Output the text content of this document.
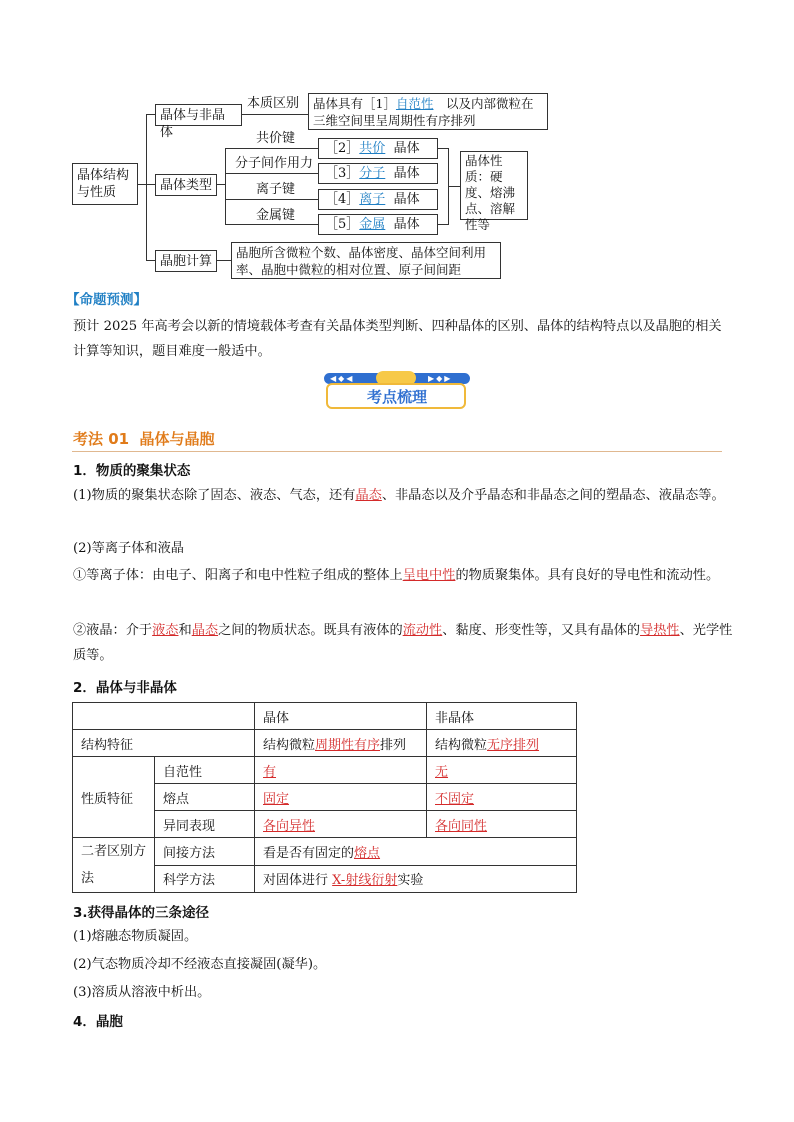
晶体结构与性质
晶体与非晶体
本质区别	晶体具有［1］自范性　 以及内部微粒在三维空间里呈周期性有序排列
晶体类型
共价键
分子间作用力
离子键
金属键
［2］共价 晶体
［3］分子 晶体
［4］离子 晶体
［5］金属 晶体
晶体性质：硬度、熔沸点、溶解性等
晶胞计算
晶胞所含微粒个数、晶体密度、晶体空间利用率、晶胞中微粒的相对位置、原子间间距
【命题预测】
预计 2025 年高考会以新的情境载体考查有关晶体类型判断、四种晶体的区别、晶体的结构特点以及晶胞的相关计算等知识，题目难度一般适中。
◀◆◀	▶◆▶
考点梳理
考法 01  晶体与晶胞
1．物质的聚集状态
(1)物质的聚集状态除了固态、液态、气态，还有晶态、非晶态以及介乎晶态和非晶态之间的塑晶态、液晶态等。
(2)等离子体和液晶
①等离子体：由电子、阳离子和电中性粒子组成的整体上呈电中性的物质聚集体。具有良好的导电性和流动性。
②液晶：介于液态和晶态之间的物质状态。既具有液体的流动性、黏度、形变性等，又具有晶体的导热性、光学性质等。
2．晶体与非晶体
		晶体	非晶体
结构特征		结构微粒周期性有序排列	结构微粒无序排列
性质特征	自范性	有	无
	熔点	固定	不固定
	异同表现	各向异性	各向同性
二者区别方法	间接方法	看是否有固定的熔点	
	科学方法	对固体进行 X-射线衍射实验	
3.获得晶体的三条途径
(1)熔融态物质凝固。
(2)气态物质冷却不经液态直接凝固(凝华)。
(3)溶质从溶液中析出。
4．晶胞
